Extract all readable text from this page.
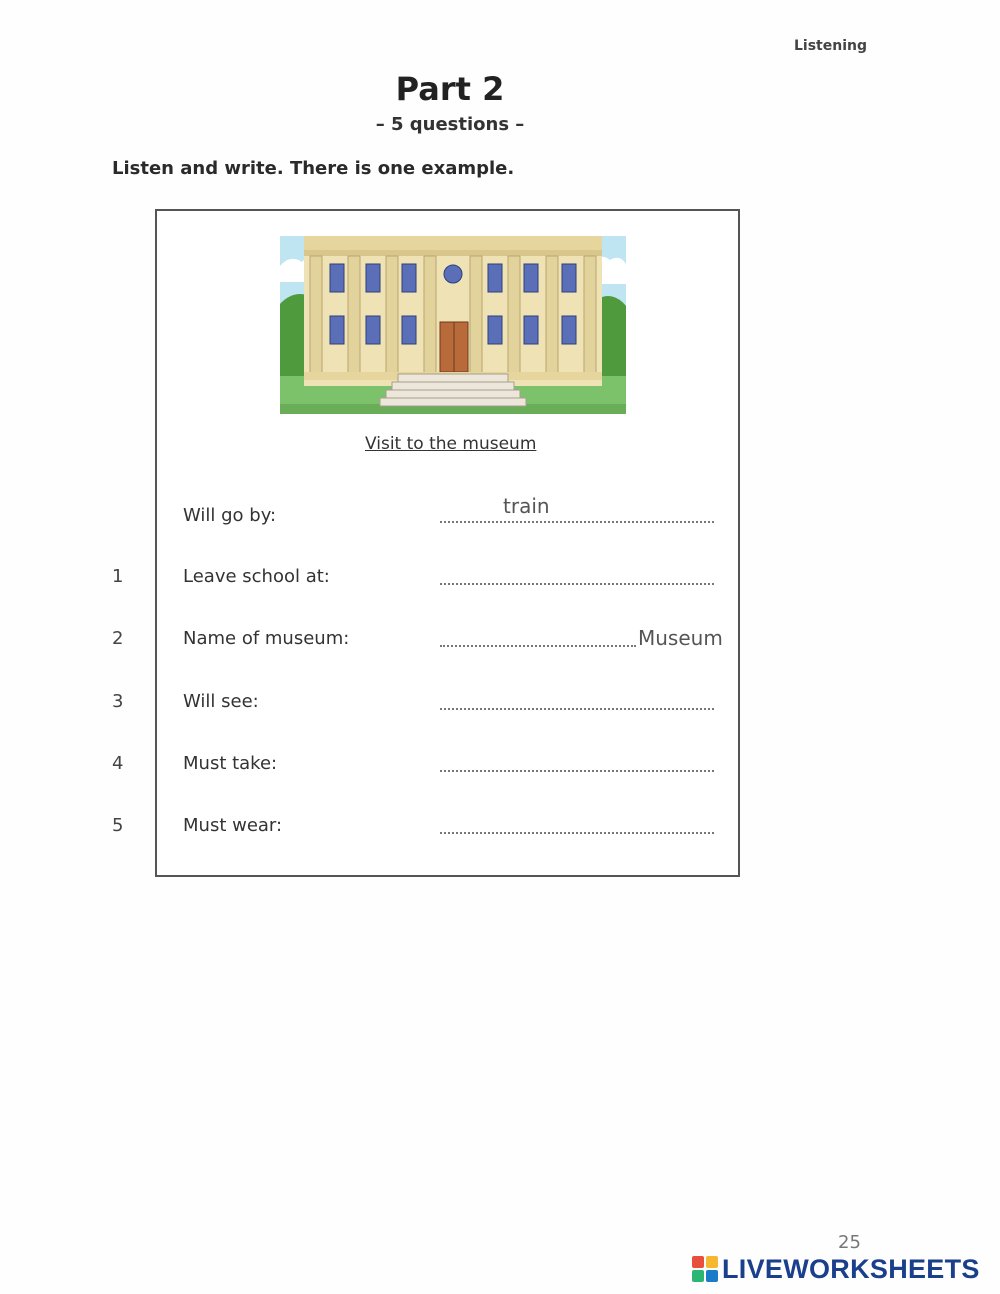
Listening
Part 2
– 5 questions –
Listen and write. There is one example.
Visit to the museum
Will go by:	train
1	Leave school at:
2	Name of museum:	Museum
3	Will see:
4	Must take:
5	Must wear:
25
LIVEWORKSHEETS
